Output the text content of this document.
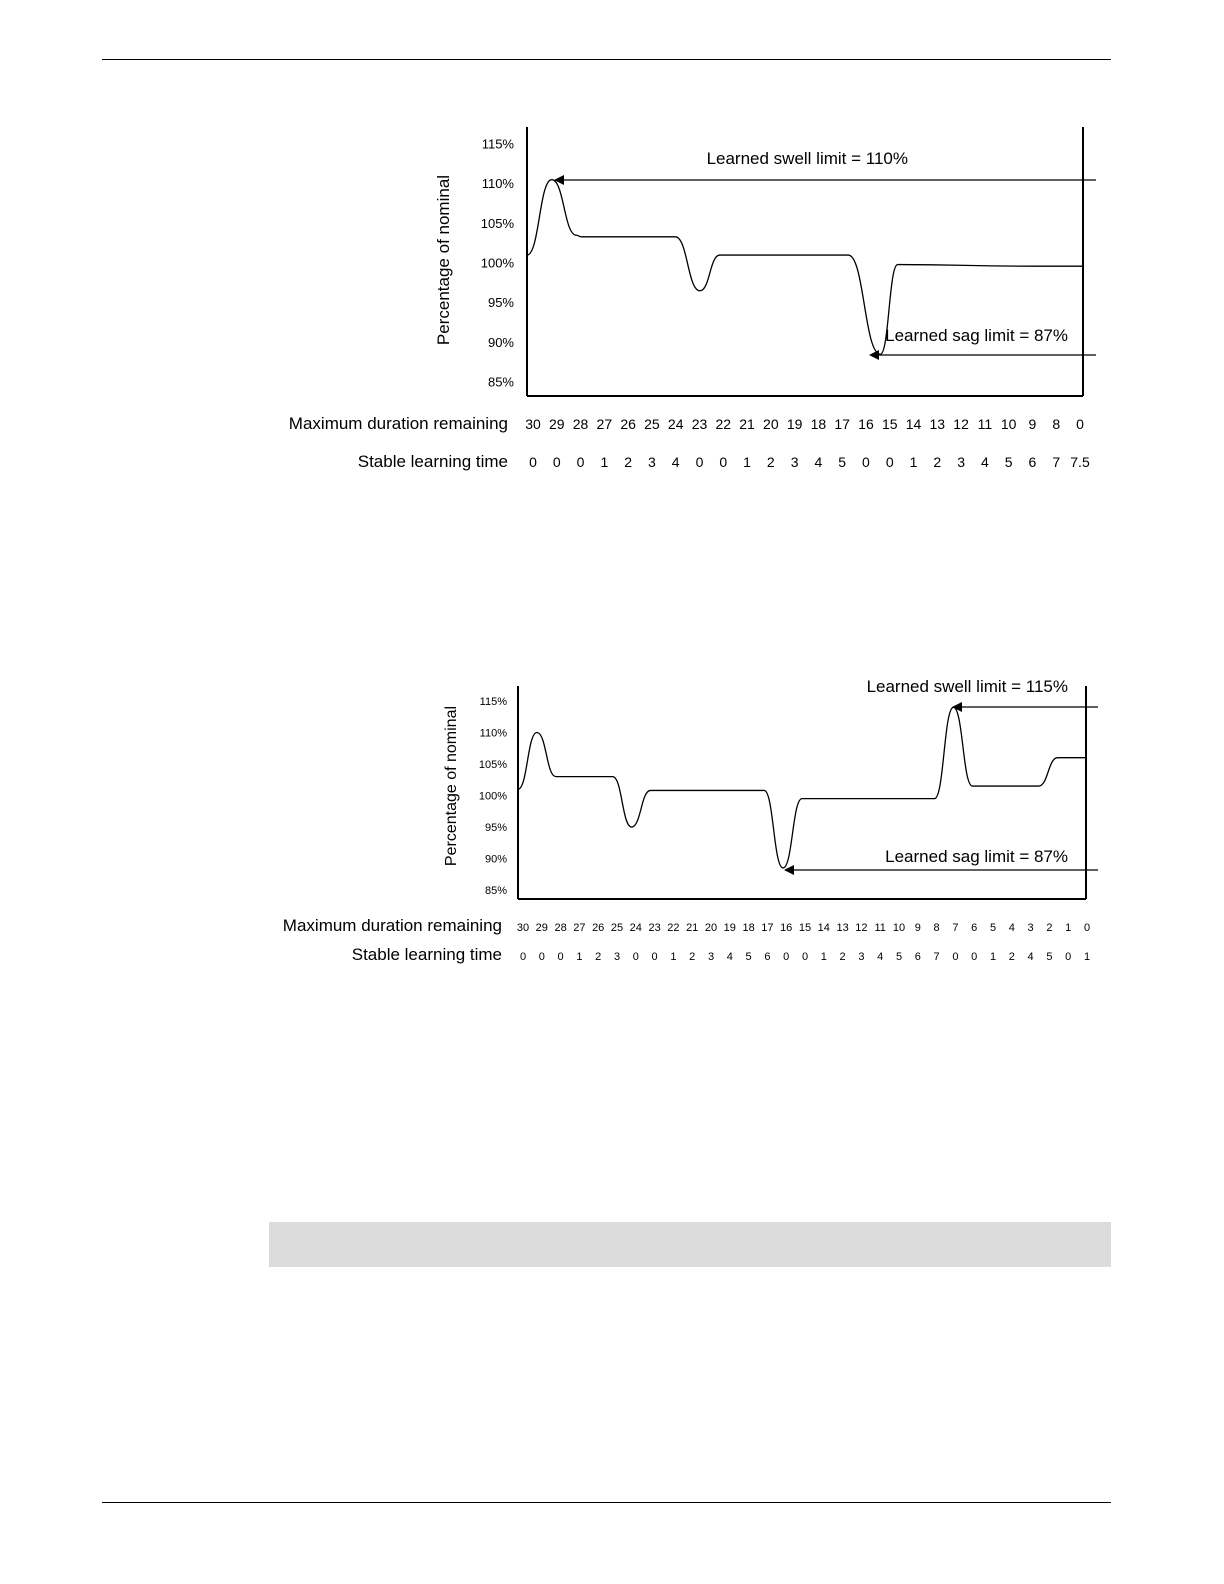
115%
110%
105%
100%
95%
90%
85%
Percentage of nominal
Maximum duration remaining 30 29 28 27 26 25 24 23 22 21 20 19 18 17 16 15 14 13 12 11 10 9 8 0
Stable learning time 0 0 0 1 2 3 4 0 0 1 2 3 4 5 0 0 1 2 3 4 5 6 7 7.5
Learned swell limit = 110%
Learned sag limit = 87%
115%
110%
105%
100%
95%
90%
85%
Percentage of nominal
Maximum duration remaining 30 29 28 27 26 25 24 23 22 21 20 19 18 17 16 15 14 13 12 11 10 9 8 7 6 5 4 3 2 1 0
Stable learning time 0 0 0 1 2 3 0 0 1 2 3 4 5 6 0 0 1 2 3 4 5 6 7 0 0 1 2 4 5 0 1
Learned swell limit = 115%
Learned sag limit = 87%
